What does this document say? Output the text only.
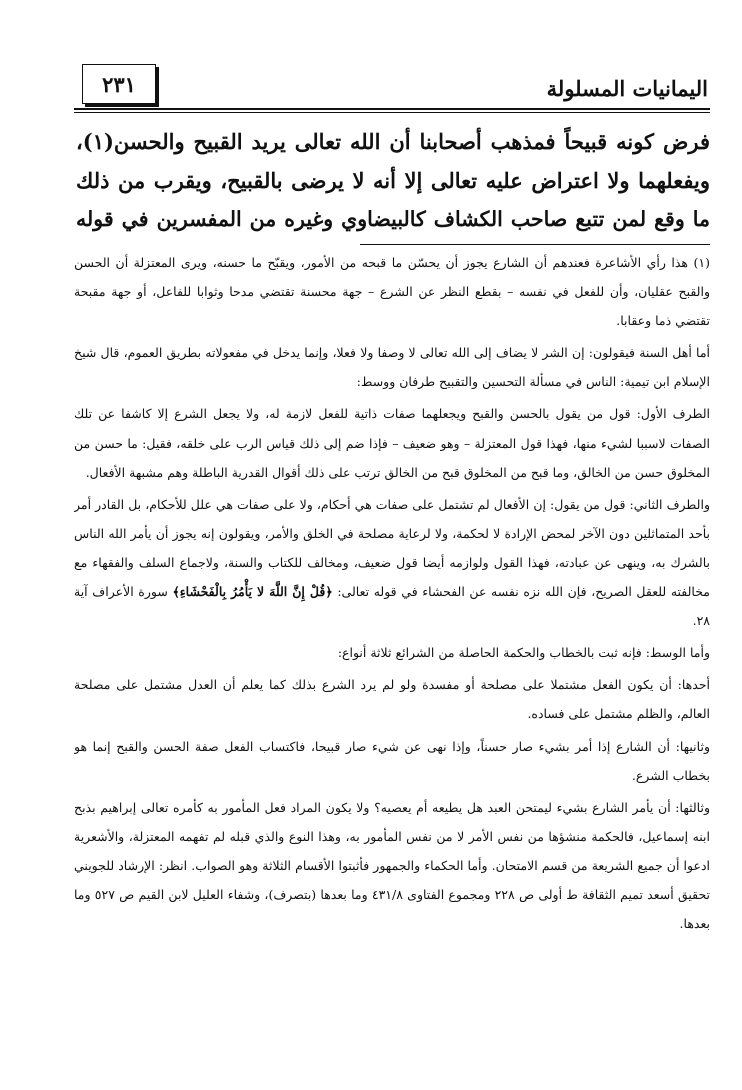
اليمانيات المسلولة
٢٣١
فرض كونه قبيحاً فمذهب أصحابنا أن الله تعالى يريد القبيح والحسن(١)،
ويفعلهما ولا اعتراض عليه تعالى إلا أنه لا يرضى بالقبيح، ويقرب من ذلك
ما وقع لمن تتبع صاحب الكشاف كالبيضاوي وغيره من المفسرين في قوله

(١) هذا رأي الأشاعرة فعندهم أن الشارع يجوز أن يحسّن ما قبحه من الأمور، ويقبّح ما حسنه، ويرى المعتزلة أن الحسن والقبح عقليان، وأن للفعل في نفسه – بقطع النظر عن الشرع – جهة محسنة تقتضي مدحا وثوابا للفاعل، أو جهة مقبحة تقتضي ذما وعقابا.

أما أهل السنة فيقولون: إن الشر لا يضاف إلى الله تعالى لا وصفا ولا فعلا، وإنما يدخل في مفعولاته بطريق العموم، قال شيخ الإسلام ابن تيمية: الناس في مسألة التحسين والتقبيح طرفان ووسط:

الطرف الأول: قول من يقول بالحسن والقبح ويجعلهما صفات ذاتية للفعل لازمة له، ولا يجعل الشرع إلا كاشفا عن تلك الصفات لاسببا لشيء منها، فهذا قول المعتزلة – وهو ضعيف – فإذا ضم إلى ذلك قياس الرب على خلقه، فقيل: ما حسن من المخلوق حسن من الخالق، وما قبح من المخلوق قبح من الخالق ترتب على ذلك أقوال القدرية الباطلة وهم مشبهة الأفعال.

والطرف الثاني: قول من يقول: إن الأفعال لم تشتمل على صفات هي أحكام، ولا على صفات هي علل للأحكام، بل القادر أمر بأحد المتماثلين دون الآخر لمحض الإرادة لا لحكمة، ولا لرعاية مصلحة في الخلق والأمر، ويقولون إنه يجوز أن يأمر الله الناس بالشرك به، وينهى عن عبادته، فهذا القول ولوازمه أيضا قول ضعيف، ومخالف للكتاب والسنة، ولاجماع السلف والفقهاء مع مخالفته للعقل الصريح، فإن الله نزه نفسه عن الفحشاء في قوله تعالى: ﴿قُلْ إِنَّ اللَّهَ لا يَأْمُرُ بِالْفَحْشَاءِ﴾ سورة الأعراف آية ٢٨.

وأما الوسط: فإنه ثبت بالخطاب والحكمة الحاصلة من الشرائع ثلاثة أنواع:

أحدها: أن يكون الفعل مشتملا على مصلحة أو مفسدة ولو لم يرد الشرع بذلك كما يعلم أن العدل مشتمل على مصلحة العالم، والظلم مشتمل على فساده.

وثانيها: أن الشارع إذا أمر بشيء صار حسناً، وإذا نهى عن شيء صار قبيحا، فاكتساب الفعل صفة الحسن والقبح إنما هو بخطاب الشرع.

وثالثها: أن يأمر الشارع بشيء ليمتحن العبد هل يطيعه أم يعصيه؟ ولا يكون المراد فعل المأمور به كأمره تعالى إبراهيم بذبح ابنه إسماعيل، فالحكمة منشؤها من نفس الأمر لا من نفس المأمور به، وهذا النوع والذي قبله لم تفهمه المعتزلة، والأشعرية ادعوا أن جميع الشريعة من قسم الامتحان. وأما الحكماء والجمهور فأثبتوا الأقسام الثلاثة وهو الصواب. انظر: الإرشاد للجويني تحقيق أسعد تميم الثقافة ط أولى ص ٢٢٨ ومجموع الفتاوى ٤٣١/٨ وما بعدها (بتصرف)، وشفاء العليل لابن القيم ص ٥٢٧ وما بعدها.
